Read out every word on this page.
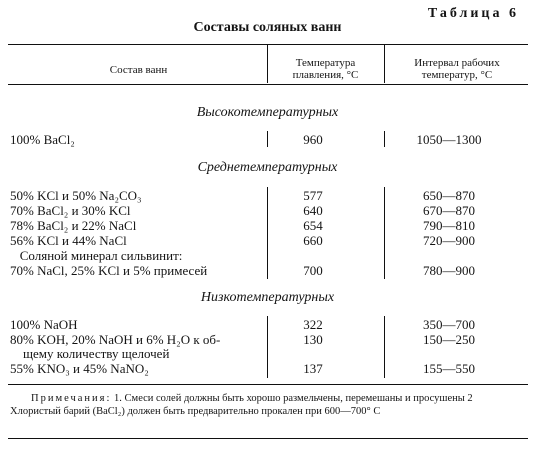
Таблица 6
Составы соляных ванн
Состав ванн
Температура
плавления, °С
Интервал рабочих
температур, °С
Высокотемпературных
100% BaCl₂	960	1050—1300
Среднетемпературных
50% KCl и 50% Na₂CO₃	577	650—870
70% BaCl₂ и 30% KCl	640	670—870
78% BaCl₂ и 22% NaCl	654	790—810
56% KCl и 44% NaCl	660	720—900
Соляной минерал сильвинит:
70% NaCl, 25% KCl и 5% примесей	700	780—900
Низкотемпературных
100% NaOH	322	350—700
80% KOH, 20% NaOH и 6% H₂O к об-	130	150—250
щему количеству щелочей
55% KNO₃ и 45% NaNO₂	137	155—550
Примечания: 1. Смеси солей должны быть хорошо размельчены, перемешаны и просушены 2 Хлористый барий (BaCl₂) должен быть предварительно прокален при 600—700° С
